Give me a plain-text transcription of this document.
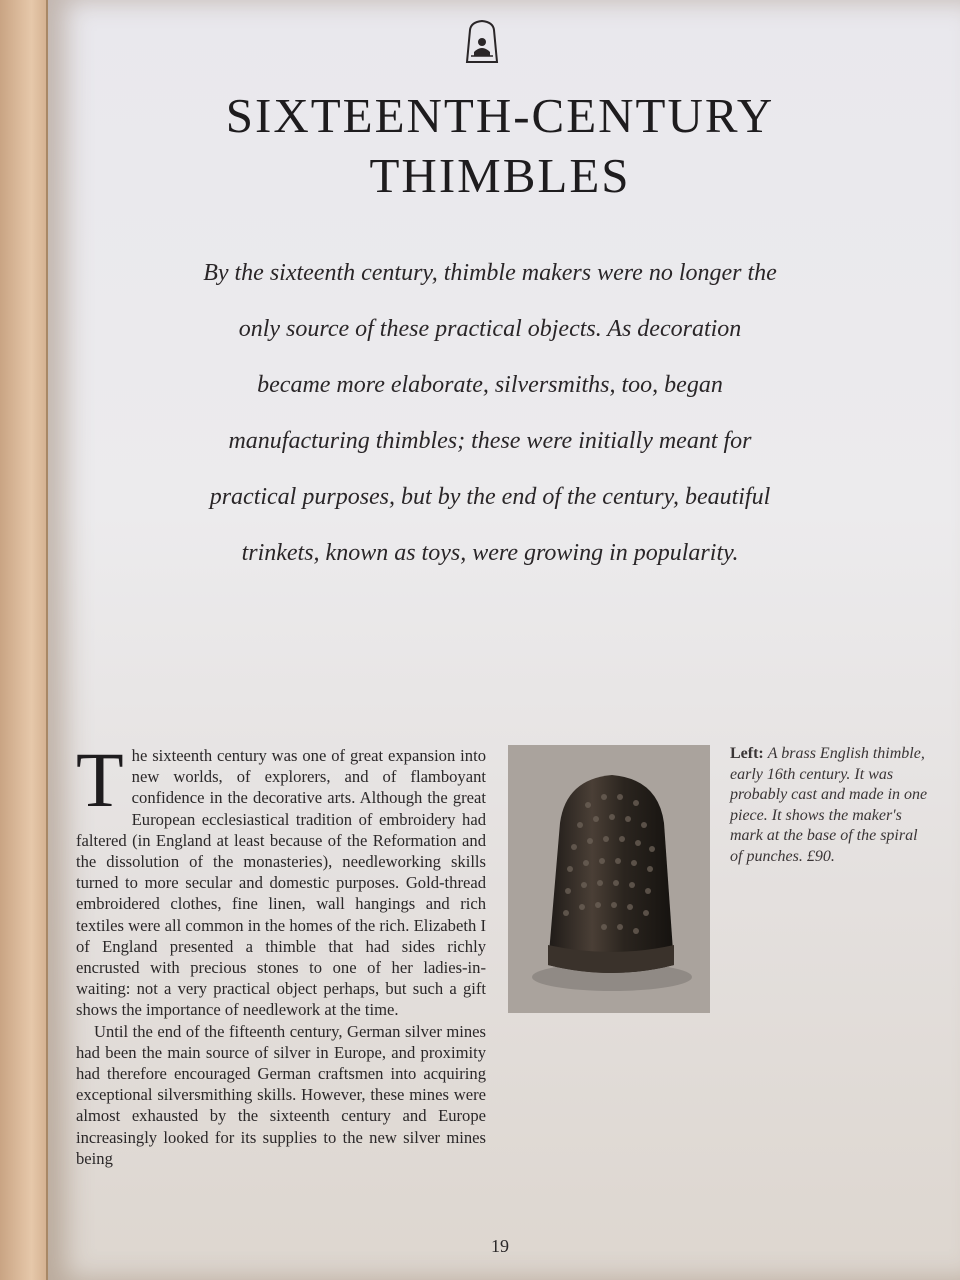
SIXTEENTH-CENTURY
THIMBLES

By the sixteenth century, thimble makers were no longer the only source of these practical objects. As decoration became more elaborate, silversmiths, too, began manufacturing thimbles; these were initially meant for practical purposes, but by the end of the century, beautiful trinkets, known as toys, were growing in popularity.

The sixteenth century was one of great expansion into new worlds, of explorers, and of flamboyant confidence in the decorative arts. Although the great European ecclesiastical tradition of embroidery had faltered (in England at least because of the Reformation and the dissolution of the monasteries), needleworking skills turned to more secular and domestic purposes. Gold-thread embroidered clothes, fine linen, wall hangings and rich textiles were all common in the homes of the rich. Elizabeth I of England presented a thimble that had sides richly encrusted with precious stones to one of her ladies-in-waiting: not a very practical object perhaps, but such a gift shows the importance of needlework at the time.

Until the end of the fifteenth century, German silver mines had been the main source of silver in Europe, and proximity had therefore encouraged German craftsmen into acquiring exceptional silversmithing skills. However, these mines were almost exhausted by the sixteenth century and Europe increasingly looked for its supplies to the new silver mines being

Left: A brass English thimble, early 16th century. It was probably cast and made in one piece. It shows the maker's mark at the base of the spiral of punches. £90.

19
